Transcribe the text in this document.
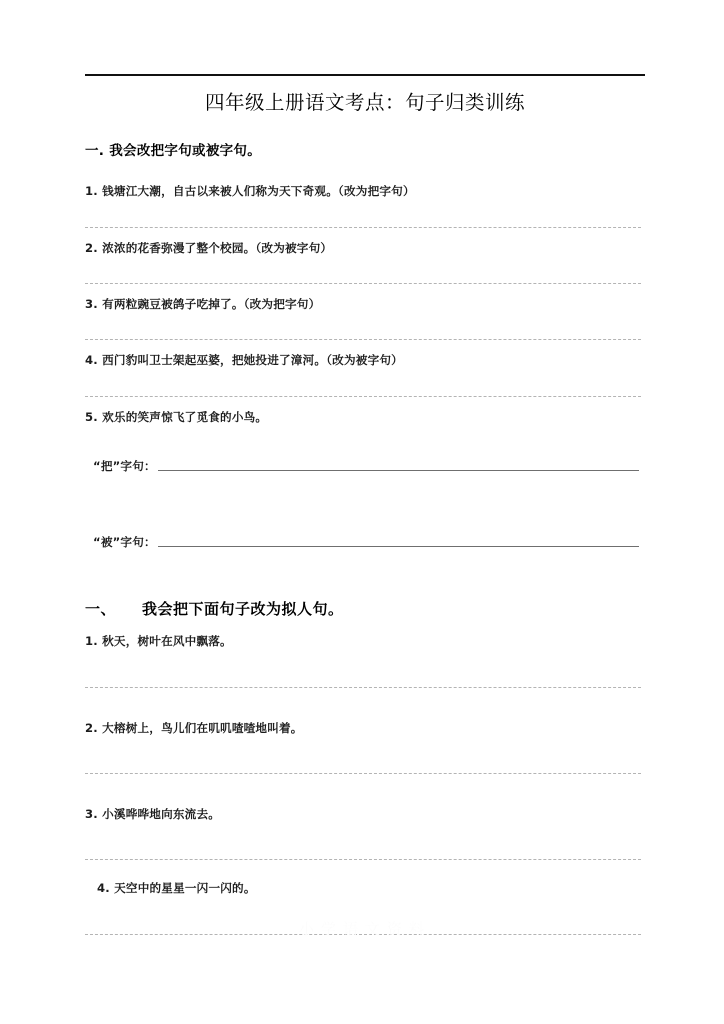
四年级上册语文考点：句子归类训练
一. 我会改把字句或被字句。
1. 钱塘江大潮，自古以来被人们称为天下奇观。（改为把字句）
2. 浓浓的花香弥漫了整个校园。（改为被字句）
3. 有两粒豌豆被鸽子吃掉了。（改为把字句）
4. 西门豹叫卫士架起巫婆，把她投进了漳河。（改为被字句）
5. 欢乐的笑声惊飞了觅食的小鸟。
“把”字句：
“被”字句：
一、 我会把下面句子改为拟人句。
1. 秋天，树叶在风中飘落。
2. 大榕树上，鸟儿们在叽叽喳喳地叫着。
3. 小溪哗哗地向东流去。
4. 天空中的星星一闪一闪的。
小学语文资料
